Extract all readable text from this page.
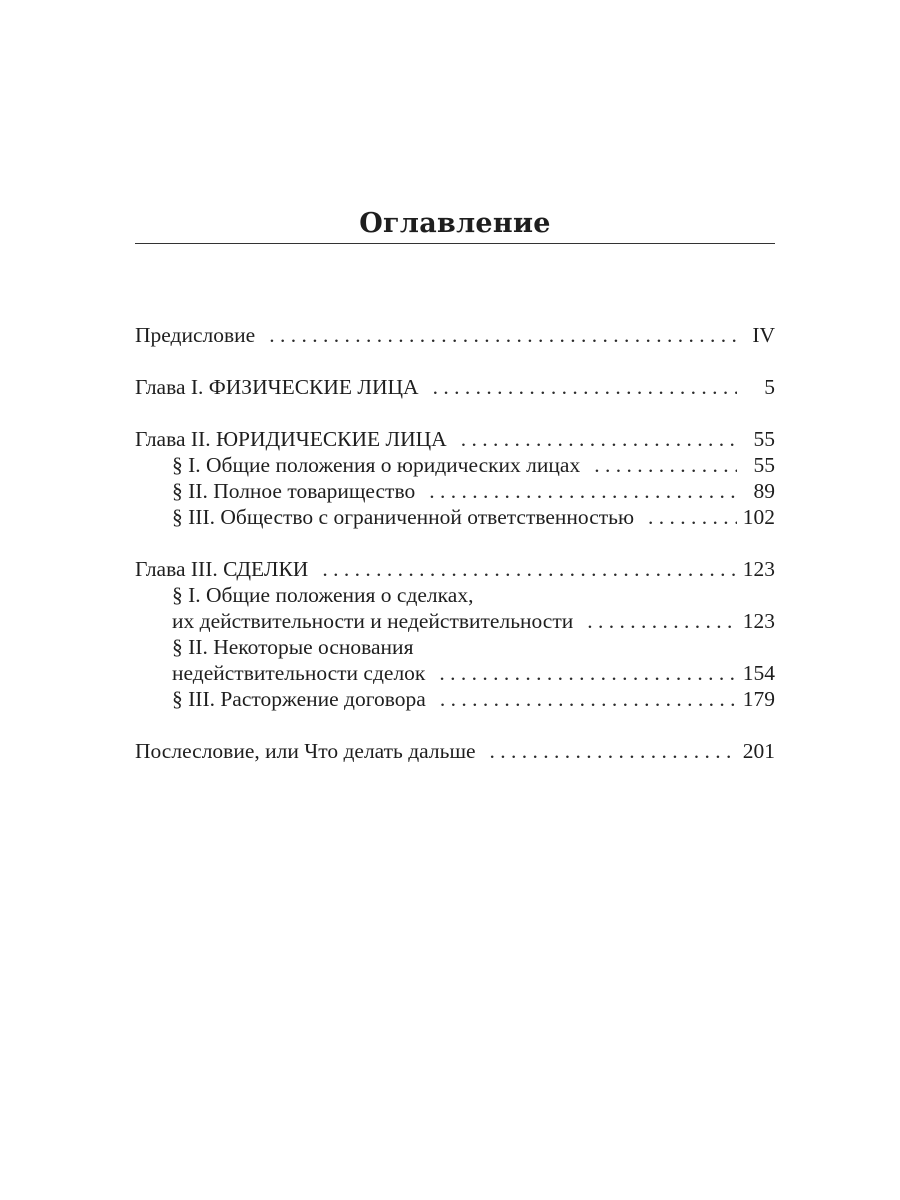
Оглавление
Предисловие . . .	IV
Глава I. ФИЗИЧЕСКИЕ ЛИЦА . . .	5
Глава II. ЮРИДИЧЕСКИЕ ЛИЦА . . .	55
§ I. Общие положения о юридических лицах . . .	55
§ II. Полное товарищество . . .	89
§ III. Общество с ограниченной ответственностью . . .	102
Глава III. СДЕЛКИ . . .	123
§ I. Общие положения о сделках,
их действительности и недействительности . . .	123
§ II. Некоторые основания
недействительности сделок . . .	154
§ III. Расторжение договора . . .	179
Послесловие, или Что делать дальше . . .	201
